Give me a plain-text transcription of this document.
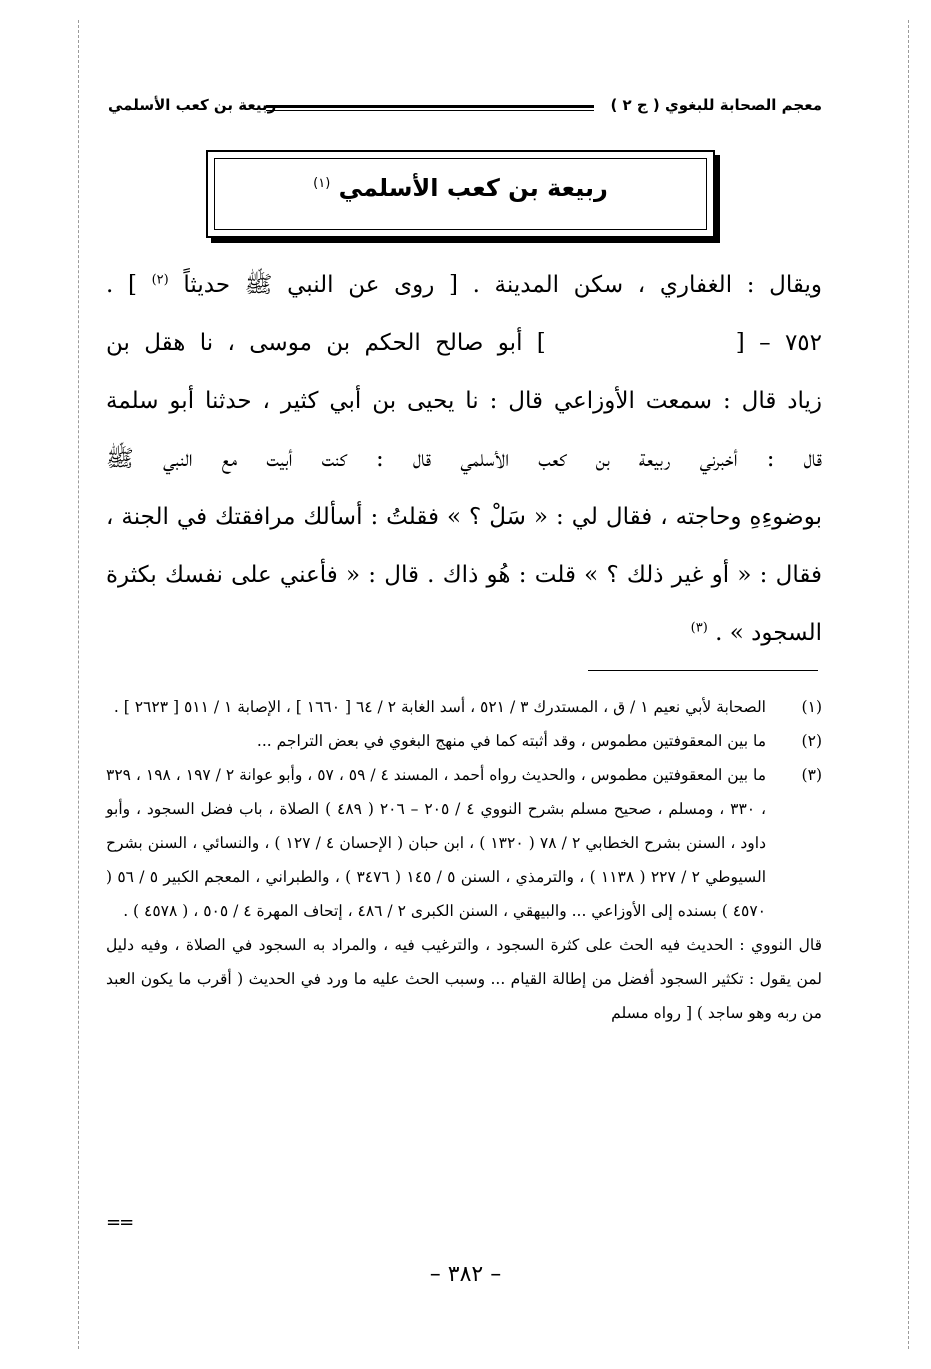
معجم الصحابة للبغوي ( ج ٢ )
ربيعة بن كعب الأسلمي
ربيعة بن كعب الأسلمي $^{(١)}$

ويقال : الغفاري ، سكن المدينة . [ روى عن النبي ﷺ حديثاً $^{(٢)}$ ] .

٧٥٢ – [] أبو صالح الحكم بن موسى ، نا هقل بن

زياد قال : سمعت الأوزاعي قال : نا يحيى بن أبي كثير ، حدثنا أبو سلمة

قال : أخبرني ربيعة بن كعب الأسلمي قال : كنت أبيت مع النبي ﷺ

بوضوءِهِ وحاجته ، فقال لي : « سَلْ ؟ » فقلتُ : أسألك مرافقتك في الجنة ،

فقال : « أو غير ذلك ؟ » قلت : هُو ذاك . قال : « فأعني على نفسك بكثرة

السجود » . $^{(٣)}$

(١)
الصحابة لأبي نعيم ١ / ق ، المستدرك ٣ / ٥٢١ ، أسد الغابة ٢ / ٦٤ [ ١٦٦٠ ] ، الإصابة ١ / ٥١١ [ ٢٦٢٣ ] .
(٢)
ما بين المعقوفتين مطموس ، وقد أثبته كما في منهج البغوي في بعض التراجم ...
(٣)
ما بين المعقوفتين مطموس ، والحديث رواه أحمد ، المسند ٤ / ٥٩ ، ٥٧ ، وأبو عوانة ٢ / ١٩٧ ، ١٩٨ ، ٣٢٩ ، ٣٣٠ ، ومسلم ، صحيح مسلم بشرح النووي ٤ / ٢٠٥ – ٢٠٦ ( ٤٨٩ ) الصلاة ، باب فضل السجود ، وأبو داود ، السنن بشرح الخطابي ٢ / ٧٨ ( ١٣٢٠ ) ، ابن حبان ( الإحسان ٤ / ١٢٧ ) ، والنسائي ، السنن بشرح السيوطي ٢ / ٢٢٧ ( ١١٣٨ ) ، والترمذي ، السنن ٥ / ١٤٥ ( ٣٤٧٦ ) ، والطبراني ، المعجم الكبير ٥ / ٥٦ ( ٤٥٧٠ ) بسنده إلى الأوزاعي ... والبيهقي ، السنن الكبرى ٢ / ٤٨٦ ، إتحاف المهرة ٤ / ٥٠٥ ، ( ٤٥٧٨ ) .
قال النووي : الحديث فيه الحث على كثرة السجود ، والترغيب فيه ، والمراد به السجود في الصلاة ، وفيه دليل لمن يقول : تكثير السجود أفضل من إطالة القيام ... وسبب الحث عليه ما ورد في الحديث ( أقرب ما يكون العبد من ربه وهو ساجد ) [ رواه مسلم
==
– ٣٨٢ –
